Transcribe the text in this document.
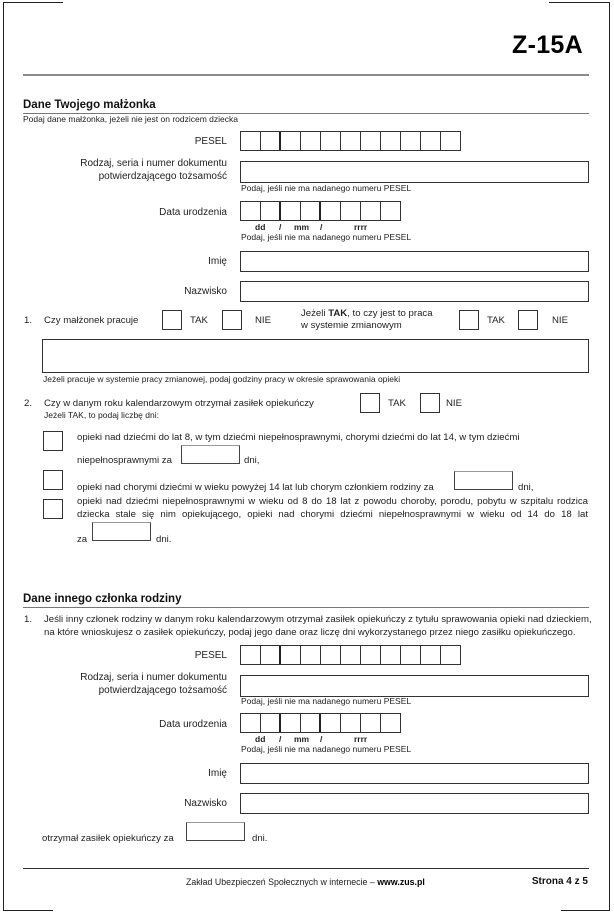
Z-15A
Dane Twojego małżonka
Podaj dane małżonka, jeżeli nie jest on rodzicem dziecka
PESEL
Rodzaj, seria i numer dokumentu
potwierdzającego tożsamość
Podaj, jeśli nie ma nadanego numeru PESEL
Data urodzenia
dd / mm /	rrrr
Podaj, jeśli nie ma nadanego numeru PESEL
Imię
Nazwisko
1. Czy małżonek pracuje	TAK	NIE
Jeżeli TAK, to czy jest to praca
w systemie zmianowym	TAK	NIE
Jeżeli pracuje w systemie pracy zmianowej, podaj godziny pracy w okresie sprawowania opieki
2. Czy w danym roku kalendarzowym otrzymał zasiłek opiekuńczy	TAK	NIE
Jeżeli TAK, to podaj liczbę dni:
opieki nad dziećmi do lat 8, w tym dziećmi niepełnosprawnymi, chorymi dziećmi do lat 14, w tym dziećmi
niepełnosprawnymi za	dni,
opieki nad chorymi dziećmi w wieku powyżej 14 lat lub chorym członkiem rodziny za	dni,
opieki nad dziećmi niepełnosprawnymi w wieku od 8 do 18 lat z powodu choroby, porodu, pobytu w szpitalu rodzica
dziecka stale się nim opiekującego, opieki nad chorymi dziećmi niepełnosprawnymi w wieku od 14 do 18 lat
za	dni.
Dane innego członka rodziny
1. Jeśli inny członek rodziny w danym roku kalendarzowym otrzymał zasiłek opiekuńczy z tytułu sprawowania opieki nad dzieckiem,
na które wnioskujesz o zasiłek opiekuńczy, podaj jego dane oraz liczę dni wykorzystanego przez niego zasiłku opiekuńczego.
PESEL
Rodzaj, seria i numer dokumentu
potwierdzającego tożsamość
Podaj, jeśli nie ma nadanego numeru PESEL
Data urodzenia
dd / mm /	rrrr
Podaj, jeśli nie ma nadanego numeru PESEL
Imię
Nazwisko
otrzymał zasiłek opiekuńczy za	dni.
Zakład Ubezpieczeń Społecznych w internecie – www.zus.pl	Strona 4 z 5
